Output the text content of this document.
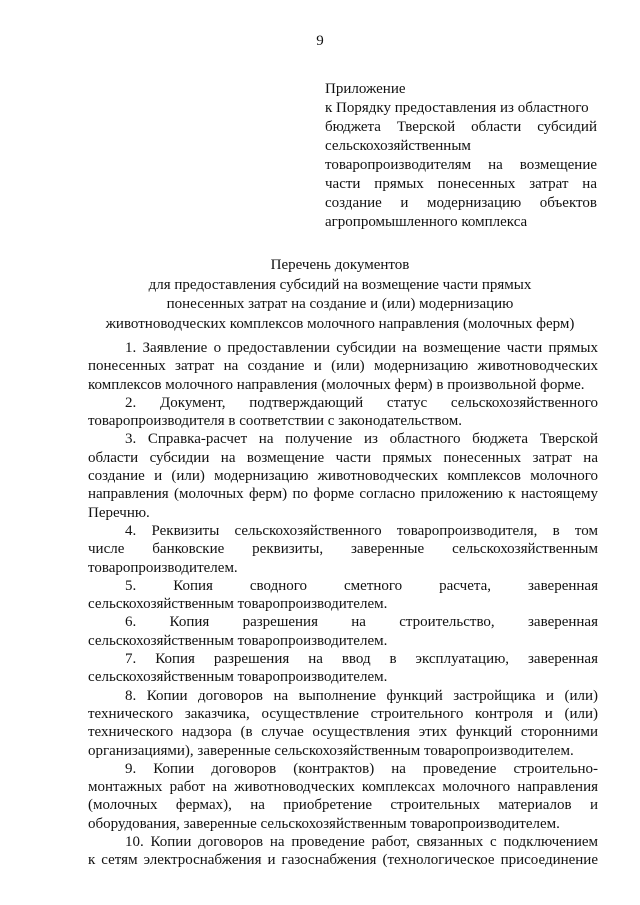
9
Приложение
к Порядку предоставления из областного
бюджета Тверской области субсидий
сельскохозяйственным
товаропроизводителям на возмещение
части прямых понесенных затрат на
создание и модернизацию объектов
агропромышленного комплекса
Перечень документов
для предоставления субсидий на возмещение части прямых
понесенных затрат на создание и (или) модернизацию
животноводческих комплексов молочного направления (молочных ферм)
1. Заявление о предоставлении субсидии на возмещение части прямых
понесенных затрат на создание и (или) модернизацию животноводческих
комплексов молочного направления (молочных ферм) в произвольной форме.
2. Документ, подтверждающий статус сельскохозяйственного
товаропроизводителя в соответствии с законодательством.
3. Справка-расчет на получение из областного бюджета Тверской
области субсидии на возмещение части прямых понесенных затрат на
создание и (или) модернизацию животноводческих комплексов молочного
направления (молочных ферм) по форме согласно приложению к настоящему
Перечню.
4. Реквизиты сельскохозяйственного товаропроизводителя, в том
числе банковские реквизиты, заверенные сельскохозяйственным
товаропроизводителем.
5. Копия сводного сметного расчета, заверенная
сельскохозяйственным товаропроизводителем.
6. Копия разрешения на строительство, заверенная
сельскохозяйственным товаропроизводителем.
7. Копия разрешения на ввод в эксплуатацию, заверенная
сельскохозяйственным товаропроизводителем.
8. Копии договоров на выполнение функций застройщика и (или)
технического заказчика, осуществление строительного контроля и (или)
технического надзора (в случае осуществления этих функций сторонними
организациями), заверенные сельскохозяйственным товаропроизводителем.
9. Копии договоров (контрактов) на проведение строительно-
монтажных работ на животноводческих комплексах молочного направления
(молочных фермах), на приобретение строительных материалов и
оборудования, заверенные сельскохозяйственным товаропроизводителем.
10. Копии договоров на проведение работ, связанных с подключением
к сетям электроснабжения и газоснабжения (технологическое присоединение
